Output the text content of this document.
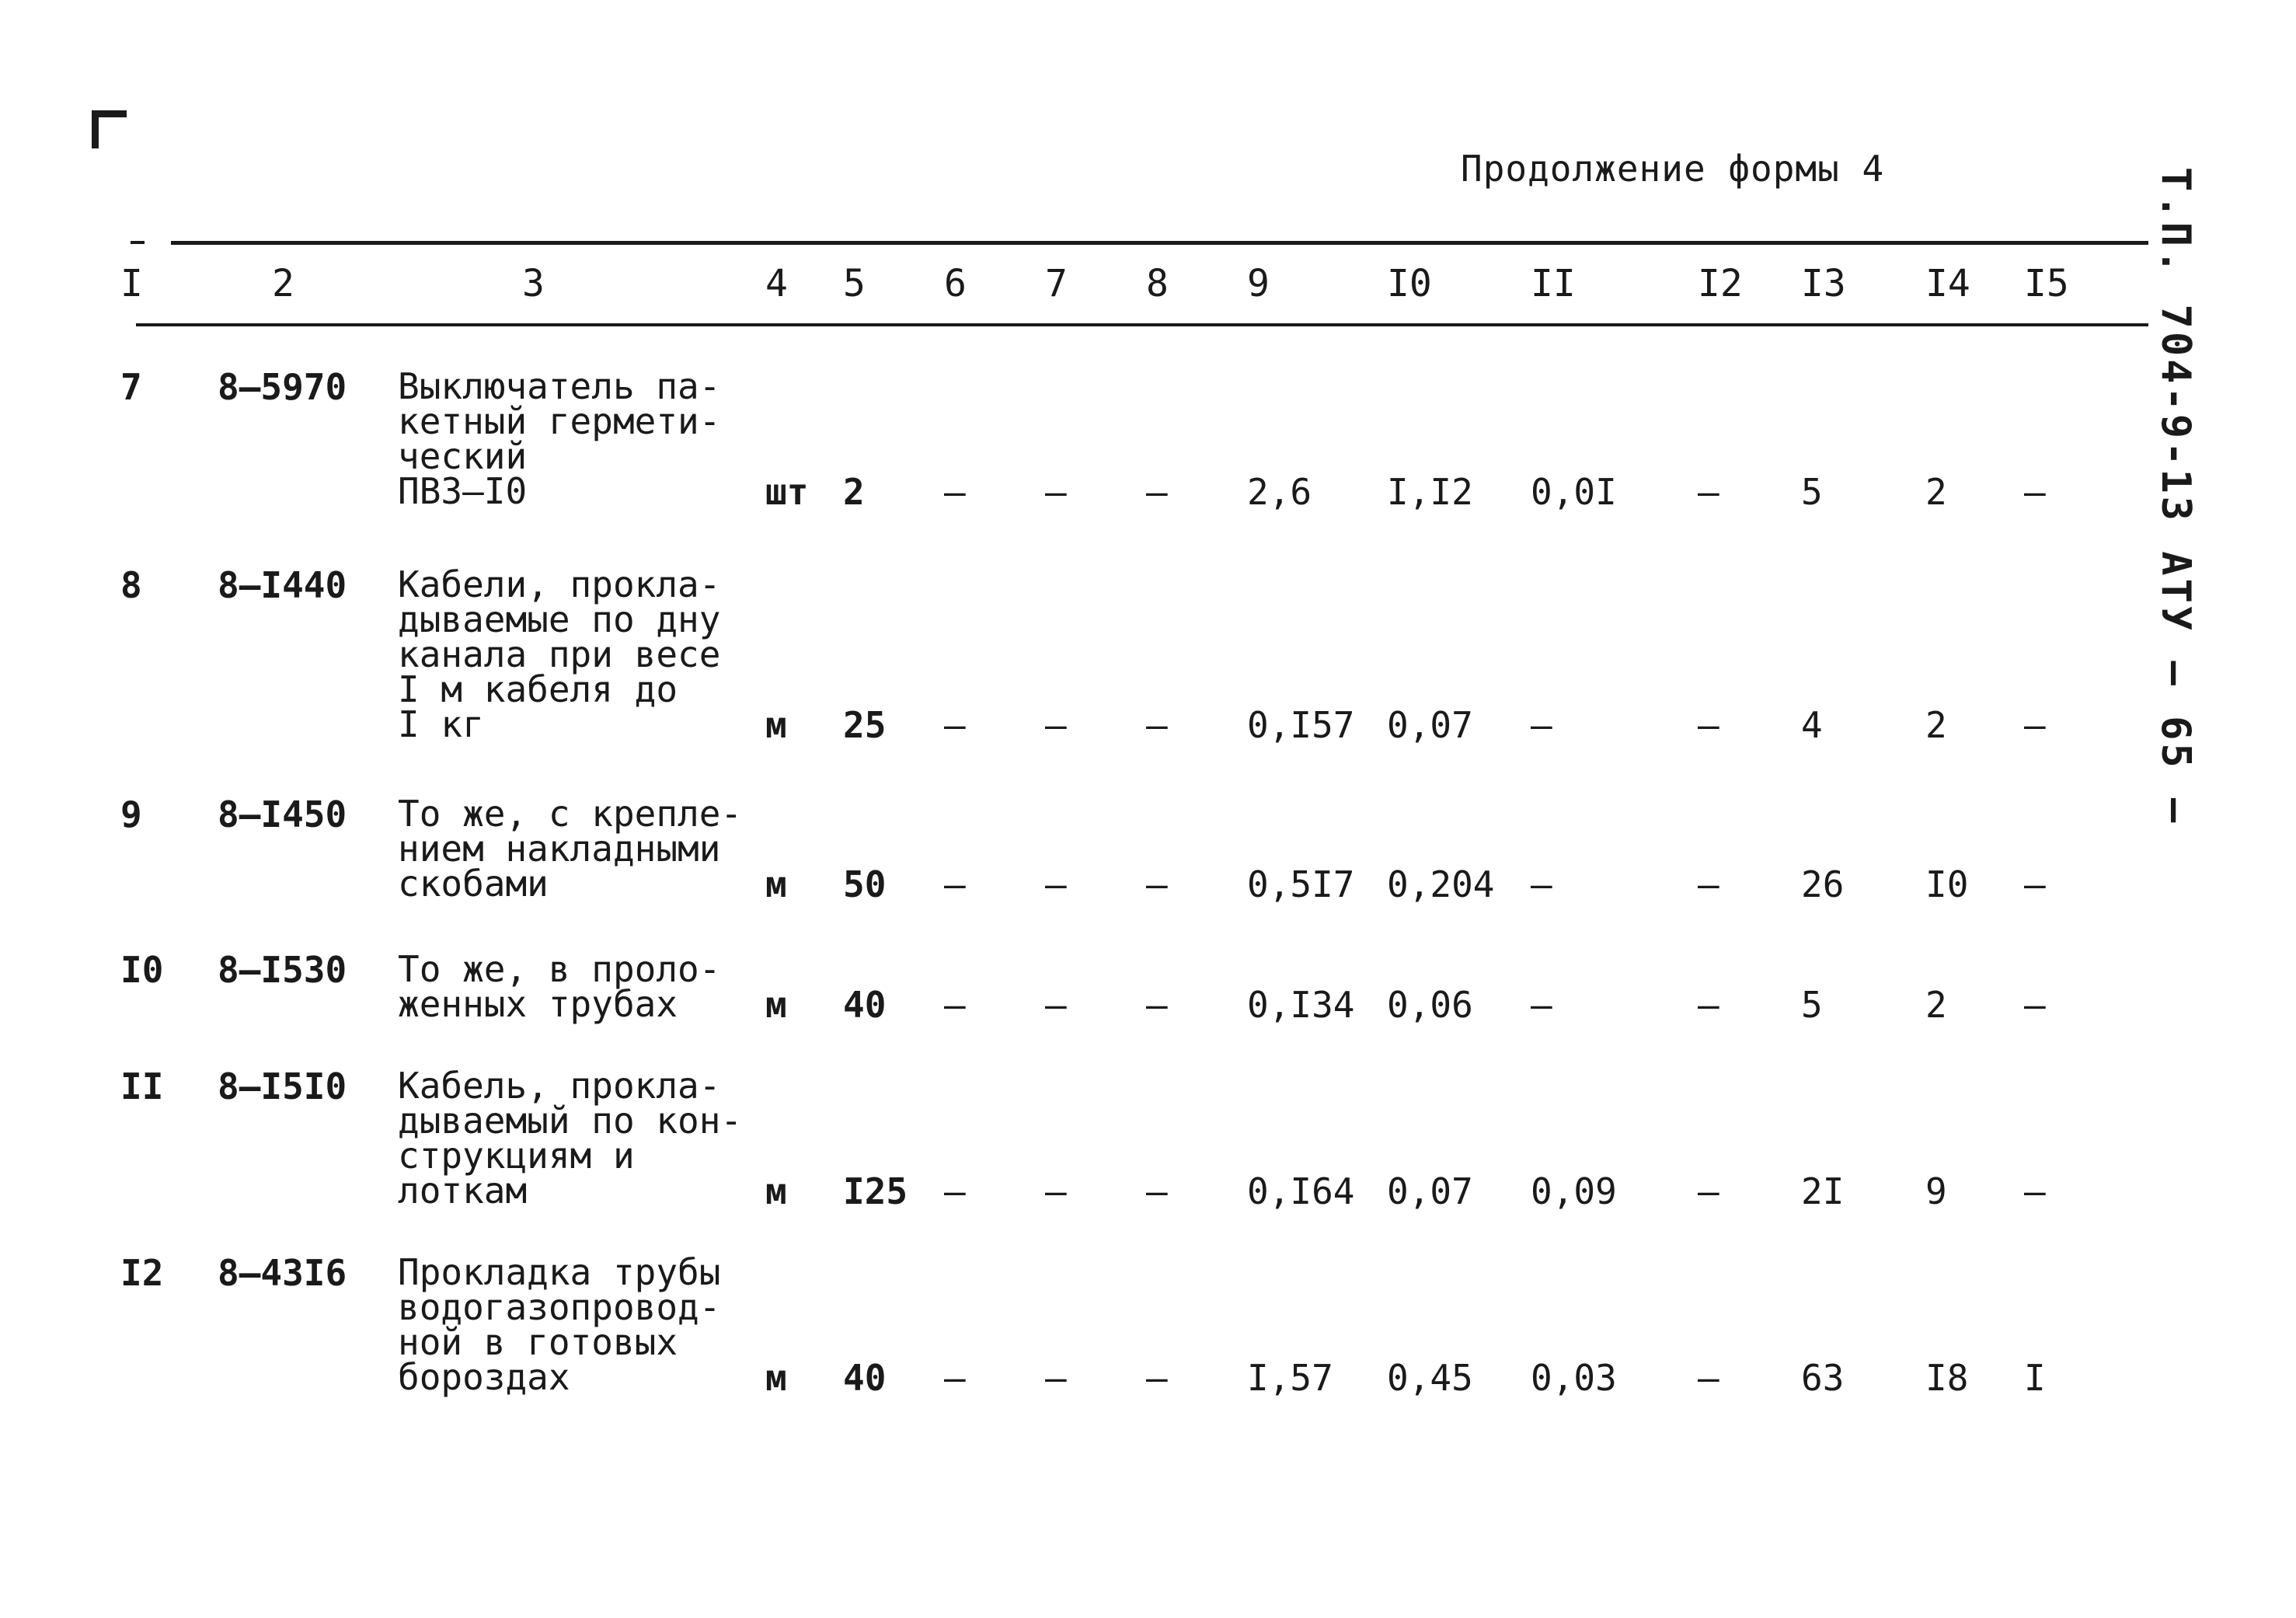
Продолжение формы 4	Т.П. 704-9-13 АТУ — 65 —
I	2	3	4 5 6 7 8 9	I0	II	I2 I3 I4 I5
7 8–5970 Выключатель па-
кетный гермети-
ческий
ПВЗ–I0	шт 2 – – – 2,6 I,I2 0,0I – 5	2 –
8 8–I440 Кабели, прокла-
дываемые по дну
канала при весе
I м кабеля до
I кг	м 25 – – – 0,I57 0,07 –	– 4	2 –
9 8–I450 То же, с крепле-
нием накладными
скобами	м 50 – – – 0,5I7 0,204 –	– 26 I0 –
I0 8–I530 То же, в проло-
женных трубах	м 40 – – – 0,I34 0,06 –	– 5	2 –
II 8–I5I0 Кабель, прокла-
дываемый по кон-
струкциям и
лоткам	м I25 – – – 0,I64 0,07 0,09 – 2I 9 –
I2 8–43I6 Прокладка трубы
водогазопровод-
ной в готовых
бороздах	м 40 – – – I,57 0,45 0,03 – 63 I8 I
